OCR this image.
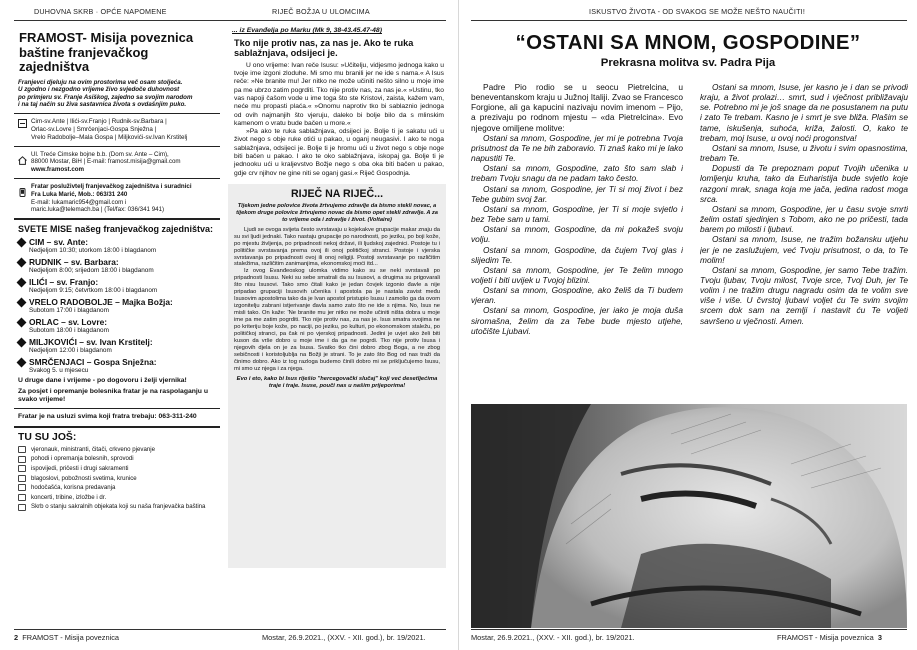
DUHOVNA SKRB · OPĆE NAPOMENE	RIJEČ BOŽJA U ULOMCIMA
FRAMOST- Misija poveznica
baštine franjevačkog zajedništva
Franjevci djeluju na ovim prostorima več osam stoljeća.
U zgodno i nezgodno vrijeme živo svjedoče duhovnost
po primjeru sv. Franje Asiškog, zajedno sa svojim narodom
i na taj način su živa sastavnica života s ovdašnjim puko.
Cim-sv.Ante | Ilići-sv.Franjo | Rudnik-sv.Barbara |
Orlac-sv.Lovre | Smrčenjaci-Gospa Snježna |
Vrelo Radobolje–Mala Gospa | Miljkovići-sv.Ivan Krstitelj
Ul. Treće Cimske bojne b.b. (Dom sv. Ante – Cim),
88000 Mostar, BiH | E-mail: framost.misija@gmail.com
www.framost.com
Fratar posluživtelj franjevačkog zajedništva i suradnici
Fra Luka Marić, Mob.: 063/31 240
E-mail: lukamaric954@gmail.com i
maric.luka@telemach.ba | (Tel/fax: 036/341 941)
SVETE MISE našeg franjevačkog zajedništva:
CIM – sv. Ante:
Nedjeljom 10:30; utorkom 18:00 i blagdanom
RUDNIK – sv. Barbara:
Nedjeljom 8:00; srijedom 18:00 i blagdanom
ILIĆI – sv. Franjo:
Nedjeljom 9:15; četvrtkom 18:00 i blagdanom
VRELO RADOBOLJE – Majka Božja:
Subotom 17:00 i blagdanom
ORLAC – sv. Lovre:
Subotom 18:00 i blagdanom
MILJKOVIĆI – sv. Ivan Krstitelj:
Nedjeljom 12:00 i blagdanom
SMRČENJACI – Gospa Snježna:
Svakog 5. u mjesecu
U druge dane i vrijeme - po dogovoru i želji vjernika!
Za posjet i opremanje bolesnika fratar je na raspolaganju u svako vrijeme!
Fratar je na usluzi svima koji fratra trebaju: 063-311-240
TU SU JOŠ:
vjeronauk, ministranti, čitači, crkveno pjevanje
pohodi i opremanja bolesnih, sprovodi
ispovijedi, pričesti i drugi sakramenti
blagoslovi, pobožnosti svetima, krunice
hodočašća, korisna predavanja
koncerti, tribine, izložbe i dr.
Skrb o stanju sakralnih objekata koji su naša franjevačka baština
... iz Evanđelja po Marku (Mk 9, 38-43.45.47-48)
Tko nije protiv nas, za nas je. Ako te ruka sablažnjava, odsijeci je.

U ono vrijeme: Ivan reče Isusu: »Učitelju, vidjesmo jednoga kako u tvoje ime izgoni zloduhe. Mi smo mu branili jer ne ide s nama.« A Isus reče: »Ne branite mu! Jer nitko ne može učiniti nešto silno u moje ime pa me ubrzo zatim pogrditi. Tko nije protiv nas, za nas je.« »Ustinu, tko vas napoji čašom vode u ime toga što ste Kristovi, zaista, kažem vam, neće mu propasti plaća.« »Onomu naprotiv tko bi sablaznio jednoga od ovih najmanjih što vjeruju, daleko bi bolje bilo da s mlinskim kamenom o vratu bude bačen u more.«

»Pa ako te ruka sablažnjava, odsijeci je. Bolje ti je sakatu ući u život nego s obje ruke otići u pakao, u oganj neugasivi. I ako te noga sablažnjava, odsijeci je. Bolje ti je hromu ući u život nego s obje noge biti bačen u pakao. I ako te oko sablažnjava, iskopaj ga. Bolje ti je jednooku ući u kraljevstvo Božje nego s oba oka biti bačen u pakao, gdje crv njihov ne gine niti se oganj gasi.« Riječ Gospodnja.

RIJEČ NA RIJEČ...
Tijekom jedne polovice života žrtvujemo zdravlje da bismo stekli novac, a tijekom druge polovice žrtvujemo novac da bismo opet stekli zdravlje. A za to vrijeme oda i zdravlje i život. (Voltaire)

Ljudi se ovoga svijeta često svrstavaju u kojekakve grupacije makar znaju da su svi ljudi jednaki. Tako nastaju grupacije po narodnosti, po jeziku, po boji kože, po mjestu življenja, po pripadnosti nekoj državi, ili ljudskoj zajednici. Postoje tu i političke svrstavanja prema ovoj ili onoj političkoj stranci. Postoje i vjerska svrstavanja po pripadnosti ovoj ili onoj religiji. Postoji svrstavanje po različitim staležima, različitim zanimanjima, ekonomskoj moći itd...

Iz ovog Evanđeoskog ulomka vidimo kako su se neki svrstavali po pripadnosti Isusu. Neki su sebe smatrali da su Isusovi, a drugima su prigovarali što nisu Isusovi. Tako smo čitali kako je jedan čovjek izgonio đavle a nije pripadao grupaciji Isusovih učenika i apostola pa je nastala zavist među Isusovim apostolima tako da je Ivan apostol pristupio Isusu i zamolio ga da ovom izgonitelju zabrani istjerivanje đavla samo zato što ne ide s njima. No, Isus ne misli tako. On kaže: 'Ne branite mu jer nitko ne može učiniti ništa dobra u moje ime pa me zatim pogrditi. Tko nije protiv nas, za nas je. Isus smatra svojima ne po kriteriju boje kože, po naciji, po jeziku, po kulturi, po ekonomskom staležu, po političkoj stranci, pa čak ni po vjerskoj pripadnosti. Jedini je uvjet ako želi biti kuson da vrše dobro u moje ime i da ga ne pogrdi. Tko nije protiv Isusa i njegovih djela on je za Isusa. Svatko tko čini dobro zbog Boga, a ne zbog sebičnosti i koristoljublja na Božji je strani. To je zato što Bog od nas traži da činimo dobro. Ako iz tog razloga budemo činili dobro mi se priključujemo Isusu, mi smo uz njega i za njega.

Evo i eto, kako bi Isus riješio "hercegovački slučaj" koji već desetljećima traje i traje. Isuse, pouči nas u našim prijeporima!
2 FRAMOST - Misija poveznica	Mostar, 26.9.2021., (XXV. - XII. god.), br. 19/2021.
ISKUSTVO ŽIVOTA - OD SVAKOG SE MOŽE NEŠTO NAUČITI!
“OSTANI SA MNOM, GOSPODINE”
Prekrasna molitva sv. Padra Pija

Padre Pio rodio se u seocu Pietrelcina, u beneventanskom kraju u Južnoj Italiji. Zvao se Francesco Forgione, ali ga kapucini nazivaju novim imenom – Pijo, a prezivaju po rodnom mjestu – «da Pietrelcina». Evo njegove omiljene molitve:

Ostani sa mnom, Gospodine, jer mi je potrebna Tvoja prisutnost da Te ne bih zaboravio. Ti znaš kako mi je lako napustiti Te.

Ostani sa mnom, Gospodine, zato što sam slab i trebam Tvoju snagu da ne padam tako često.

Ostani sa mnom, Gospodine, jer Ti si moj život i bez Tebe gubim svoj žar.

Ostani sa mnom, Gospodine, jer Ti si moje svjetlo i bez Tebe sam u tami.

Ostani sa mnom, Gospodine, da mi pokažeš svoju volju.

Ostani sa mnom, Gospodine, da čujem Tvoj glas i slijedim Te.

Ostani sa mnom, Gospodine, jer Te želim mnogo voljeti i biti uvijek u Tvojoj blizini.

Ostani sa mnom, Gospodine, ako želiš da Ti budem vjeran.

Ostani sa mnom, Gospodine, jer iako je moja duša siromašna, želim da za Tebe bude mjesto utjehe, utočište Ljubavi.

Ostani sa mnom, Isuse, jer kasno je i dan se privodi kraju, a život prolazi… smrt, sud i vječnost približavaju se. Potrebno mi je još snage da ne posustanem na putu i zato Te trebam. Kasno je i smrt je sve bliža. Plašim se tame, iskušenja, suhoća, križa, žalosti. O, kako te trebam, moj Isuse, u ovoj noći progonstva!

Ostani sa mnom, Isuse, u životu i svim opasnostima, trebam Te.

Dopusti da Te prepoznam poput Tvojih učenika u lomljenju kruha, tako da Euharistija bude svjetlo koje razgoni mrak, snaga koja me jača, jedina radost moga srca.

Ostani sa mnom, Gospodine, jer u času svoje smrti želim ostati sjedinjen s Tobom, ako ne po pričesti, tada barem po milosti i ljubavi.

Ostani sa mnom, Isuse, ne tražim božansku utjehu jer je ne zaslužujem, već Tvoju prisutnost, o da, to Te molim!

Ostani sa mnom, Gospodine, jer samo Tebe tražim. Tvoju ljubav, Tvoju milost, Tvoje srce, Tvoj Duh, jer Te volim i ne tražim drugu nagradu osim da te volim sve više i više. U čvrstoj ljubavi voljet ću Te svim svojim srcem dok sam na zemlji i nastavit ću Te voljeti savršeno u vječnosti. Amen.

Mostar, 26.9.2021., (XXV. - XII. god.), br. 19/2021.	FRAMOST - Misija poveznica 3
